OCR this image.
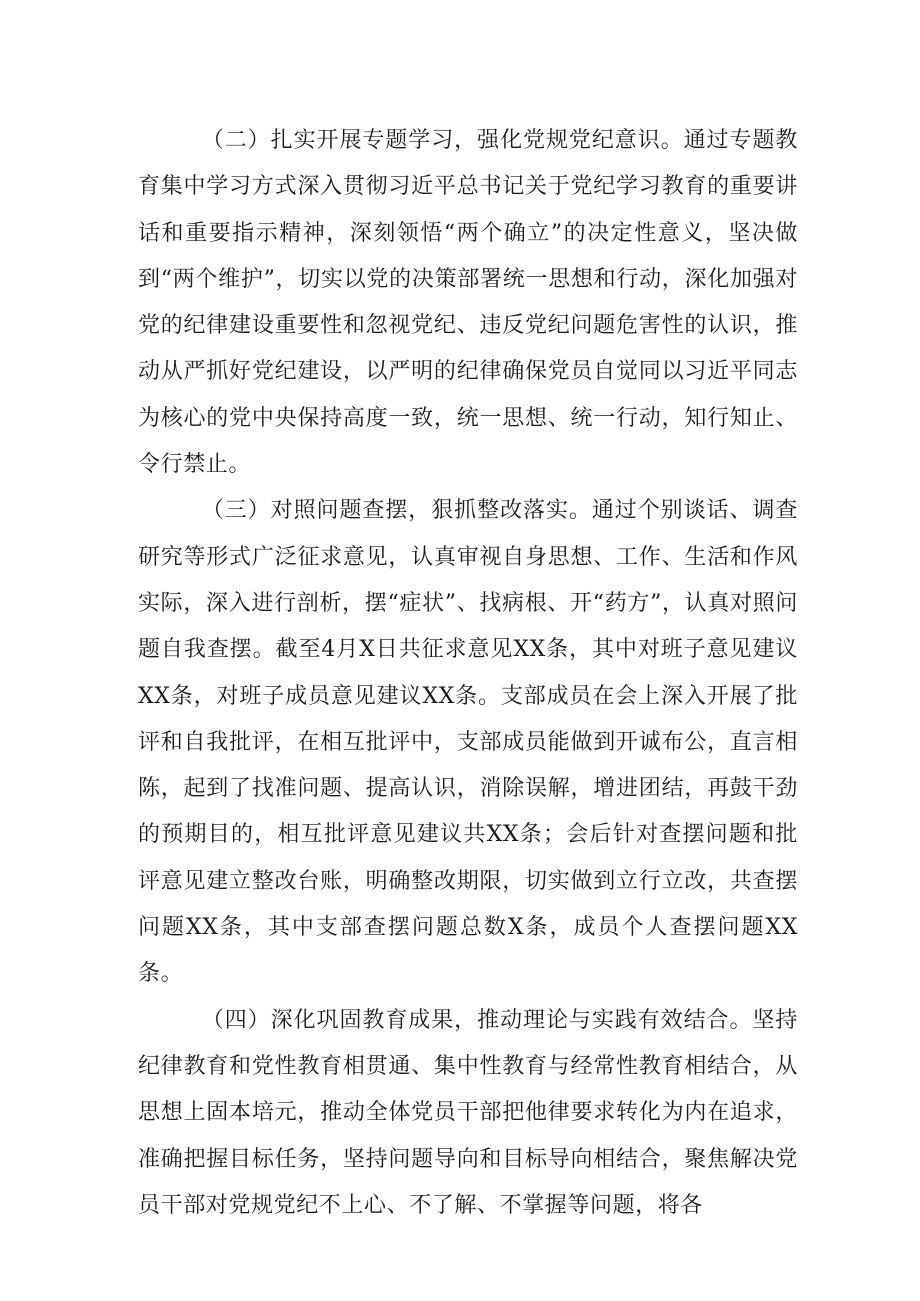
（二）扎实开展专题学习，强化党规党纪意识。通过专题教育集中学习方式深入贯彻习近平总书记关于党纪学习教育的重要讲话和重要指示精神，深刻领悟“两个确立”的决定性意义，坚决做到“两个维护”，切实以党的决策部署统一思想和行动，深化加强对党的纪律建设重要性和忽视党纪、违反党纪问题危害性的认识，推动从严抓好党纪建设，以严明的纪律确保党员自觉同以习近平同志为核心的党中央保持高度一致，统一思想、统一行动，知行知止、令行禁止。

（三）对照问题查摆，狠抓整改落实。通过个别谈话、调查研究等形式广泛征求意见，认真审视自身思想、工作、生活和作风实际，深入进行剖析，摆“症状”、找病根、开“药方”，认真对照问题自我查摆。截至4月X日共征求意见XX条，其中对班子意见建议XX条，对班子成员意见建议XX条。支部成员在会上深入开展了批评和自我批评，在相互批评中，支部成员能做到开诚布公，直言相陈，起到了找准问题、提高认识，消除误解，增进团结，再鼓干劲的预期目的，相互批评意见建议共XX条；会后针对查摆问题和批评意见建立整改台账，明确整改期限，切实做到立行立改，共查摆问题XX条，其中支部查摆问题总数X条，成员个人查摆问题XX条。

（四）深化巩固教育成果，推动理论与实践有效结合。坚持纪律教育和党性教育相贯通、集中性教育与经常性教育相结合，从思想上固本培元，推动全体党员干部把他律要求转化为内在追求，准确把握目标任务，坚持问题导向和目标导向相结合，聚焦解决党员干部对党规党纪不上心、不了解、不掌握等问题，将各
